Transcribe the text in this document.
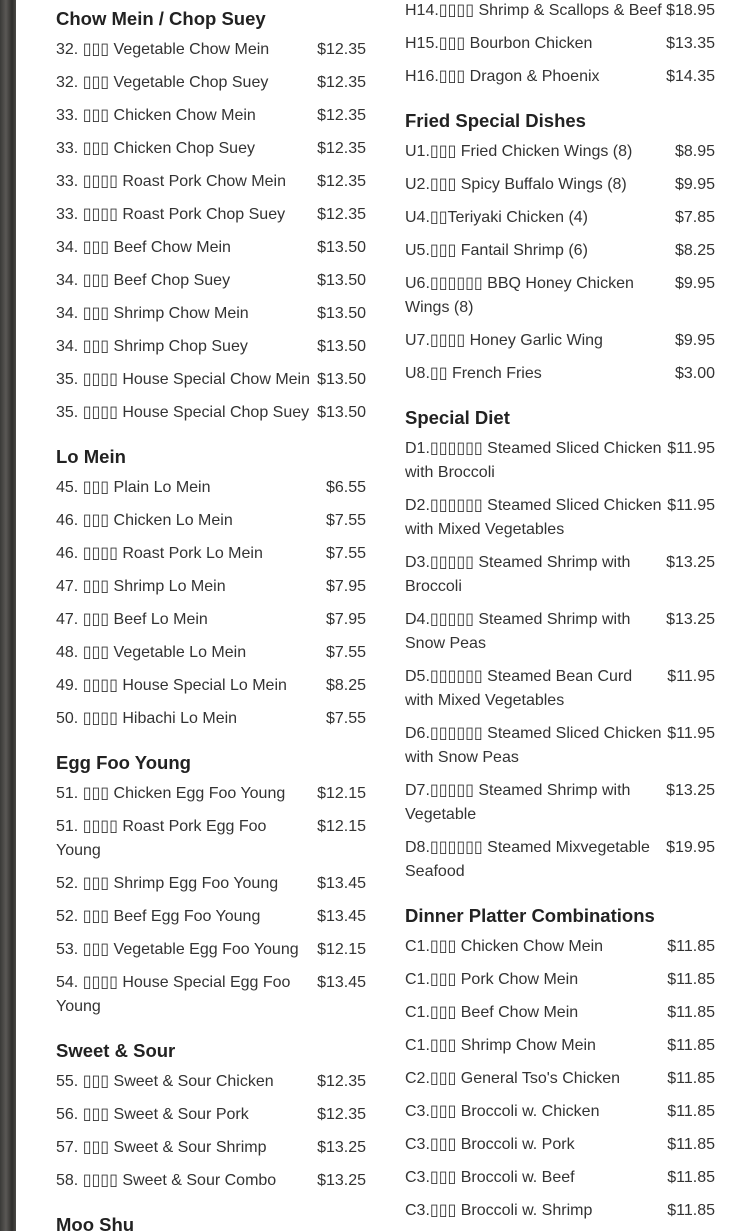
Chow Mein / Chop Suey
32. ▯▯▯ Vegetable Chow Mein	$12.35
32. ▯▯▯ Vegetable Chop Suey	$12.35
33. ▯▯▯ Chicken Chow Mein	$12.35
33. ▯▯▯ Chicken Chop Suey	$12.35
33. ▯▯▯▯ Roast Pork Chow Mein	$12.35
33. ▯▯▯▯ Roast Pork Chop Suey	$12.35
34. ▯▯▯ Beef Chow Mein	$13.50
34. ▯▯▯ Beef Chop Suey	$13.50
34. ▯▯▯ Shrimp Chow Mein	$13.50
34. ▯▯▯ Shrimp Chop Suey	$13.50
35. ▯▯▯▯ House Special Chow Mein $13.50
35. ▯▯▯▯ House Special Chop Suey $13.50
Lo Mein
45. ▯▯▯ Plain Lo Mein	$6.55
46. ▯▯▯ Chicken Lo Mein	$7.55
46. ▯▯▯▯ Roast Pork Lo Mein	$7.55
47. ▯▯▯ Shrimp Lo Mein	$7.95
47. ▯▯▯ Beef Lo Mein	$7.95
48. ▯▯▯ Vegetable Lo Mein	$7.55
49. ▯▯▯▯ House Special Lo Mein	$8.25
50. ▯▯▯▯ Hibachi Lo Mein	$7.55
Egg Foo Young
51. ▯▯▯ Chicken Egg Foo Young	$12.15
51. ▯▯▯▯ Roast Pork Egg Foo Young
$12.15
52. ▯▯▯ Shrimp Egg Foo Young	$13.45
52. ▯▯▯ Beef Egg Foo Young	$13.45
53. ▯▯▯ Vegetable Egg Foo Young	$12.15
54. ▯▯▯▯ House Special Egg Foo Young
$13.45
Sweet & Sour
55. ▯▯▯ Sweet & Sour Chicken	$12.35
56. ▯▯▯ Sweet & Sour Pork	$12.35
57. ▯▯▯ Sweet & Sour Shrimp	$13.25
58. ▯▯▯▯ Sweet & Sour Combo	$13.25
Moo Shu
H14.▯▯▯▯ Shrimp & Scallops & Beef $18.95
H15.▯▯▯ Bourbon Chicken	$13.35
H16.▯▯▯ Dragon & Phoenix	$14.35
Fried Special Dishes
U1.▯▯▯ Fried Chicken Wings (8)	$8.95
U2.▯▯▯ Spicy Buffalo Wings (8)	$9.95
U4.▯▯Teriyaki Chicken (4)	$7.85
U5.▯▯▯ Fantail Shrimp (6)	$8.25
U6.▯▯▯▯▯▯ BBQ Honey Chicken Wings (8)
$9.95
U7.▯▯▯▯ Honey Garlic Wing	$9.95
U8.▯▯ French Fries	$3.00
Special Diet
D1.▯▯▯▯▯▯ Steamed Sliced Chicken with Broccoli
$11.95
D2.▯▯▯▯▯▯ Steamed Sliced Chicken with Mixed Vegetables
$11.95
D3.▯▯▯▯▯ Steamed Shrimp with Broccoli
$13.25
D4.▯▯▯▯▯ Steamed Shrimp with Snow Peas
$13.25
D5.▯▯▯▯▯▯ Steamed Bean Curd with Mixed Vegetables
$11.95
D6.▯▯▯▯▯▯ Steamed Sliced Chicken with Snow Peas
$11.95
D7.▯▯▯▯▯ Steamed Shrimp with Vegetable
$13.25
D8.▯▯▯▯▯▯ Steamed Mixvegetable Seafood
$19.95
Dinner Platter Combinations
C1.▯▯▯ Chicken Chow Mein	$11.85
C1.▯▯▯ Pork Chow Mein	$11.85
C1.▯▯▯ Beef Chow Mein	$11.85
C1.▯▯▯ Shrimp Chow Mein	$11.85
C2.▯▯▯ General Tso's Chicken	$11.85
C3.▯▯▯ Broccoli w. Chicken	$11.85
C3.▯▯▯ Broccoli w. Pork	$11.85
C3.▯▯▯ Broccoli w. Beef	$11.85
C3.▯▯▯ Broccoli w. Shrimp	$11.85
